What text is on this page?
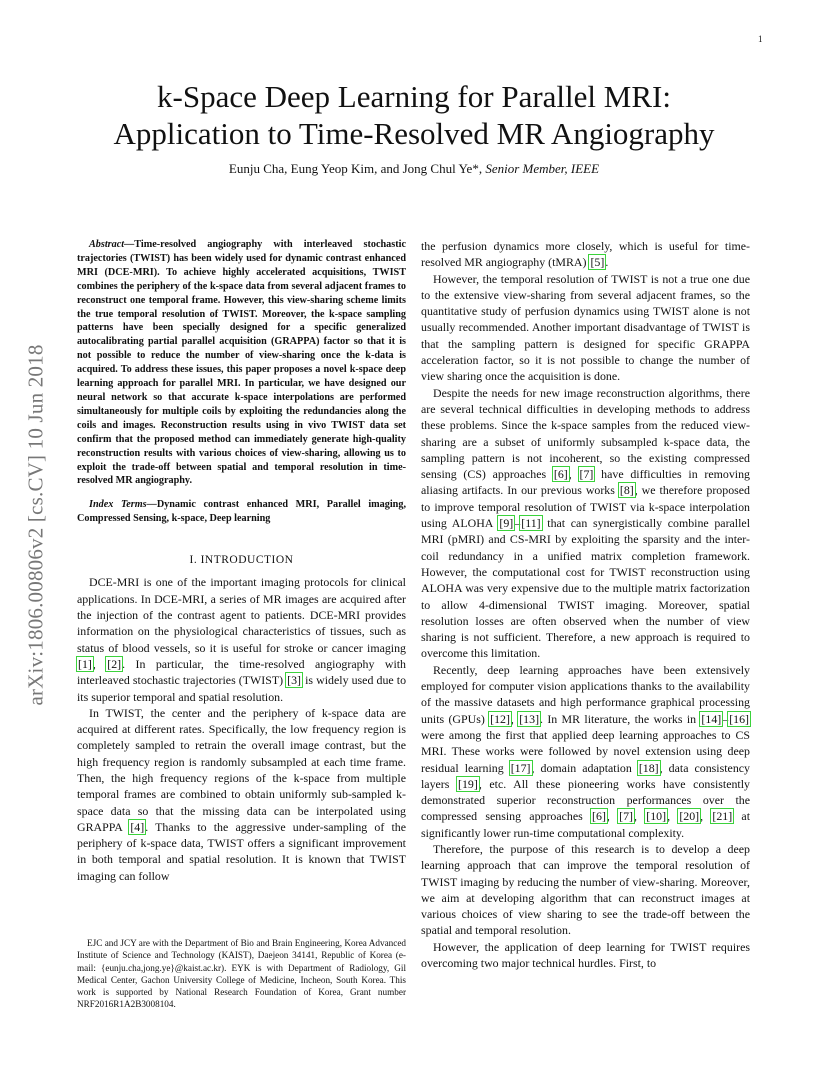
1
arXiv:1806.00806v2 [cs.CV] 10 Jun 2018
k-Space Deep Learning for Parallel MRI:
Application to Time-Resolved MR Angiography
Eunju Cha, Eung Yeop Kim, and Jong Chul Ye*, Senior Member, IEEE

Abstract—Time-resolved angiography with interleaved stochastic trajectories (TWIST) has been widely used for dynamic contrast enhanced MRI (DCE-MRI). To achieve highly accelerated acquisitions, TWIST combines the periphery of the k-space data from several adjacent frames to reconstruct one temporal frame. However, this view-sharing scheme limits the true temporal resolution of TWIST. Moreover, the k-space sampling patterns have been specially designed for a specific generalized autocalibrating partial parallel acquisition (GRAPPA) factor so that it is not possible to reduce the number of view-sharing once the k-data is acquired. To address these issues, this paper proposes a novel k-space deep learning approach for parallel MRI. In particular, we have designed our neural network so that accurate k-space interpolations are performed simultaneously for multiple coils by exploiting the redundancies along the coils and images. Reconstruction results using in vivo TWIST data set confirm that the proposed method can immediately generate high-quality reconstruction results with various choices of view-sharing, allowing us to exploit the trade-off between spatial and temporal resolution in time-resolved MR angiography.

Index Terms—Dynamic contrast enhanced MRI, Parallel imaging, Compressed Sensing, k-space, Deep learning

I. INTRODUCTION

DCE-MRI is one of the important imaging protocols for clinical applications. In DCE-MRI, a series of MR images are acquired after the injection of the contrast agent to patients. DCE-MRI provides information on the physiological characteristics of tissues, such as status of blood vessels, so it is useful for stroke or cancer imaging [1], [2]. In particular, the time-resolved angiography with interleaved stochastic trajectories (TWIST) [3] is widely used due to its superior temporal and spatial resolution.

In TWIST, the center and the periphery of k-space data are acquired at different rates. Specifically, the low frequency region is completely sampled to retrain the overall image contrast, but the high frequency region is randomly subsampled at each time frame. Then, the high frequency regions of the k-space from multiple temporal frames are combined to obtain uniformly sub-sampled k-space data so that the missing data can be interpolated using GRAPPA [4]. Thanks to the aggressive under-sampling of the periphery of k-space data, TWIST offers a significant improvement in both temporal and spatial resolution. It is known that TWIST imaging can follow

EJC and JCY are with the Department of Bio and Brain Engineering, Korea Advanced Institute of Science and Technology (KAIST), Daejeon 34141, Republic of Korea (e-mail: {eunju.cha,jong.ye}@kaist.ac.kr). EYK is with Department of Radiology, Gil Medical Center, Gachon University College of Medicine, Incheon, South Korea. This work is supported by National Research Foundation of Korea, Grant number NRF2016R1A2B3008104.

the perfusion dynamics more closely, which is useful for time-resolved MR angiography (tMRA) [5].

However, the temporal resolution of TWIST is not a true one due to the extensive view-sharing from several adjacent frames, so the quantitative study of perfusion dynamics using TWIST alone is not usually recommended. Another important disadvantage of TWIST is that the sampling pattern is designed for specific GRAPPA acceleration factor, so it is not possible to change the number of view sharing once the acquisition is done.

Despite the needs for new image reconstruction algorithms, there are several technical difficulties in developing methods to address these problems. Since the k-space samples from the reduced view-sharing are a subset of uniformly subsampled k-space data, the sampling pattern is not incoherent, so the existing compressed sensing (CS) approaches [6], [7] have difficulties in removing aliasing artifacts. In our previous works [8], we therefore proposed to improve temporal resolution of TWIST via k-space interpolation using ALOHA [9]–[11] that can synergistically combine parallel MRI (pMRI) and CS-MRI by exploiting the sparsity and the inter-coil redundancy in a unified matrix completion framework. However, the computational cost for TWIST reconstruction using ALOHA was very expensive due to the multiple matrix factorization to allow 4-dimensional TWIST imaging. Moreover, spatial resolution losses are often observed when the number of view sharing is not sufficient. Therefore, a new approach is required to overcome this limitation.

Recently, deep learning approaches have been extensively employed for computer vision applications thanks to the availability of the massive datasets and high performance graphical processing units (GPUs) [12], [13]. In MR literature, the works in [14]–[16] were among the first that applied deep learning approaches to CS MRI. These works were followed by novel extension using deep residual learning [17], domain adaptation [18], data consistency layers [19], etc. All these pioneering works have consistently demonstrated superior reconstruction performances over the compressed sensing approaches [6], [7], [10], [20], [21] at significantly lower run-time computational complexity.

Therefore, the purpose of this research is to develop a deep learning approach that can improve the temporal resolution of TWIST imaging by reducing the number of view-sharing. Moreover, we aim at developing algorithm that can reconstruct images at various choices of view sharing to see the trade-off between the spatial and temporal resolution.

However, the application of deep learning for TWIST requires overcoming two major technical hurdles. First, to
